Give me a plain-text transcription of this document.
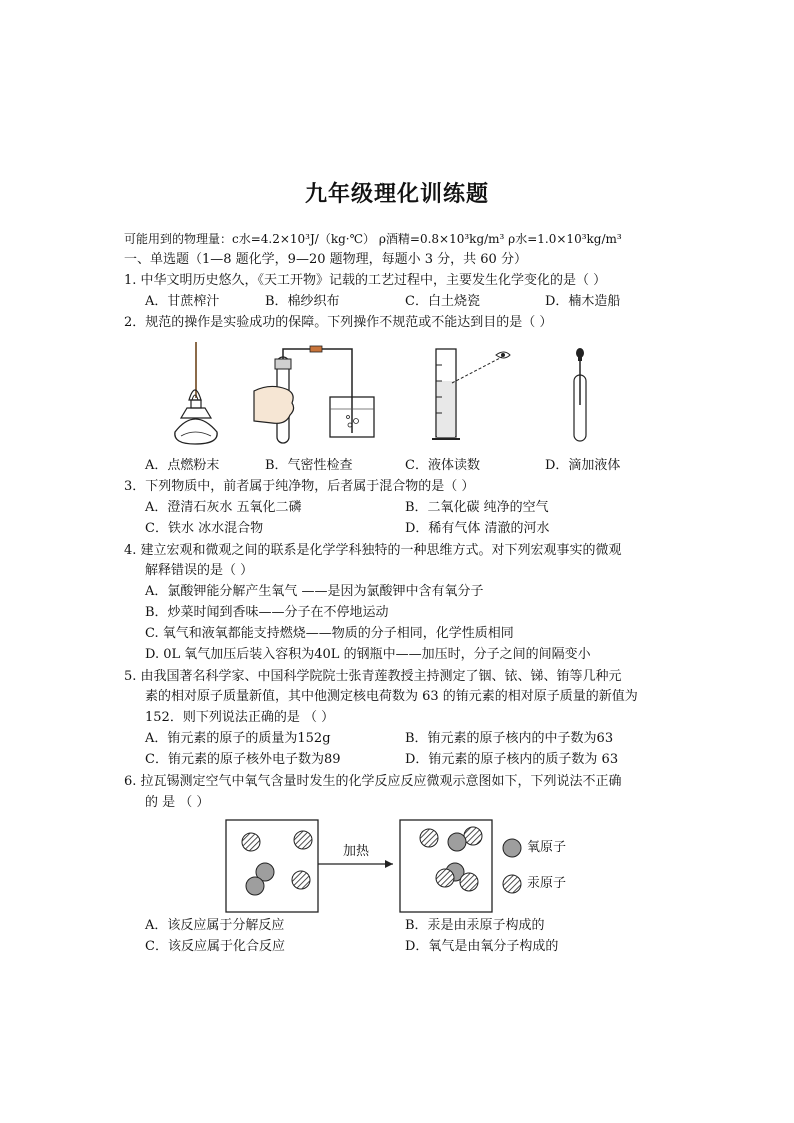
九年级理化训练题
可能用到的物理量：c水=4.2×10³J/（kg·℃） ρ酒精=0.8×10³kg/m³ ρ水=1.0×10³kg/m³
一、单选题（1—8 题化学，9—20 题物理，每题小 3 分，共 60 分）
1. 中华文明历史悠久，《天工开物》记载的工艺过程中，主要发生化学变化的是（ ）
A．甘蔗榨汁	B．棉纱织布	C．白土烧瓷	D．楠木造船
2．规范的操作是实验成功的保障。下列操作不规范或不能达到目的是（ ）
A．点燃粉末	B．气密性检查	C．液体读数	D．滴加液体
3．下列物质中，前者属于纯净物，后者属于混合物的是（ ）
A．澄清石灰水 五氧化二磷	B．二氧化碳 纯净的空气
C．铁水 冰水混合物	D．稀有气体 清澈的河水
4. 建立宏观和微观之间的联系是化学学科独特的一种思维方式。对下列宏观事实的微观
解释错误的是（ ）
A．氯酸钾能分解产生氧气 ——是因为氯酸钾中含有氧分子
B．炒菜时闻到香味——分子在不停地运动
C. 氧气和液氧都能支持燃烧——物质的分子相同，化学性质相同
D. 0L 氧气加压后装入容积为40L 的钢瓶中——加压时，分子之间的间隔变小
5. 由我国著名科学家、中国科学院院士张青莲教授主持测定了铟、铱、锑、铕等几种元
素的相对原子质量新值，其中他测定核电荷数为 63 的铕元素的相对原子质量的新值为
152．则下列说法正确的是 （ ）
A．铕元素的原子的质量为152g	B．铕元素的原子核内的中子数为63
C．铕元素的原子核外电子数为89	D．铕元素的原子核内的质子数为 63
6. 拉瓦锡测定空气中氧气含量时发生的化学反应反应微观示意图如下，下列说法不正确
的 是 （ ）
加热	氧原子
汞原子
A．该反应属于分解反应	B．汞是由汞原子构成的
C．该反应属于化合反应	D．氧气是由氧分子构成的
